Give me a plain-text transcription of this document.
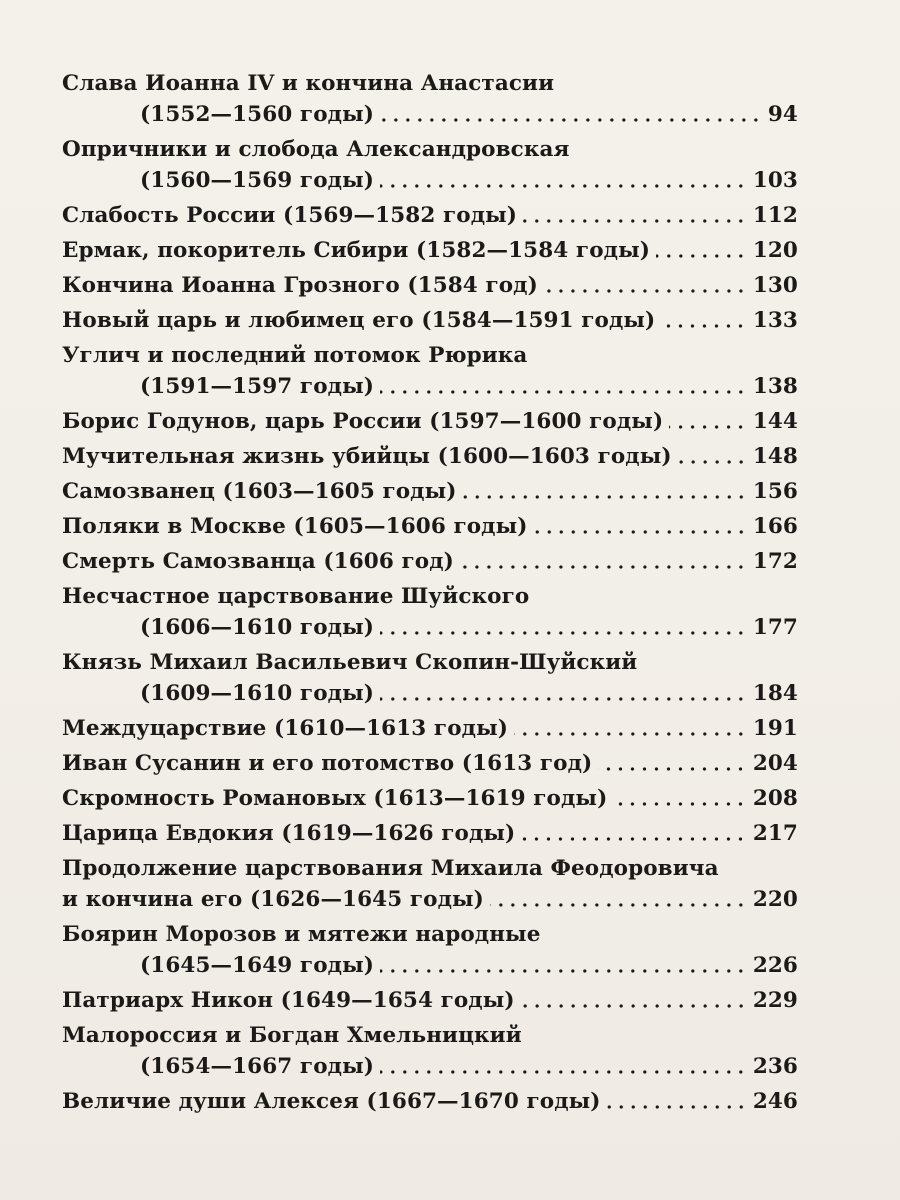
Слава Иоанна IV и кончина Анастасии
(1552—1560 годы)	94
Опричники и слобода Александровская
(1560—1569 годы)	103
Слабость России (1569—1582 годы)	112
Ермак, покоритель Сибири (1582—1584 годы)	120
Кончина Иоанна Грозного (1584 год)	130
Новый царь и любимец его (1584—1591 годы)	133
Углич и последний потомок Рюрика
(1591—1597 годы)	138
Борис Годунов, царь России (1597—1600 годы)	144
Мучительная жизнь убийцы (1600—1603 годы)	148
Самозванец (1603—1605 годы)	156
Поляки в Москве (1605—1606 годы)	166
Смерть Самозванца (1606 год)	172
Несчастное царствование Шуйского
(1606—1610 годы)	177
Князь Михаил Васильевич Скопин-Шуйский
(1609—1610 годы)	184
Междуцарствие (1610—1613 годы)	191
Иван Сусанин и его потомство (1613 год)	204
Скромность Романовых (1613—1619 годы)	208
Царица Евдокия (1619—1626 годы)	217
Продолжение царствования Михаила Феодоровича
и кончина его (1626—1645 годы)	220
Боярин Морозов и мятежи народные
(1645—1649 годы)	226
Патриарх Никон (1649—1654 годы)	229
Малороссия и Богдан Хмельницкий
(1654—1667 годы)	236
Величие души Алексея (1667—1670 годы)	246
